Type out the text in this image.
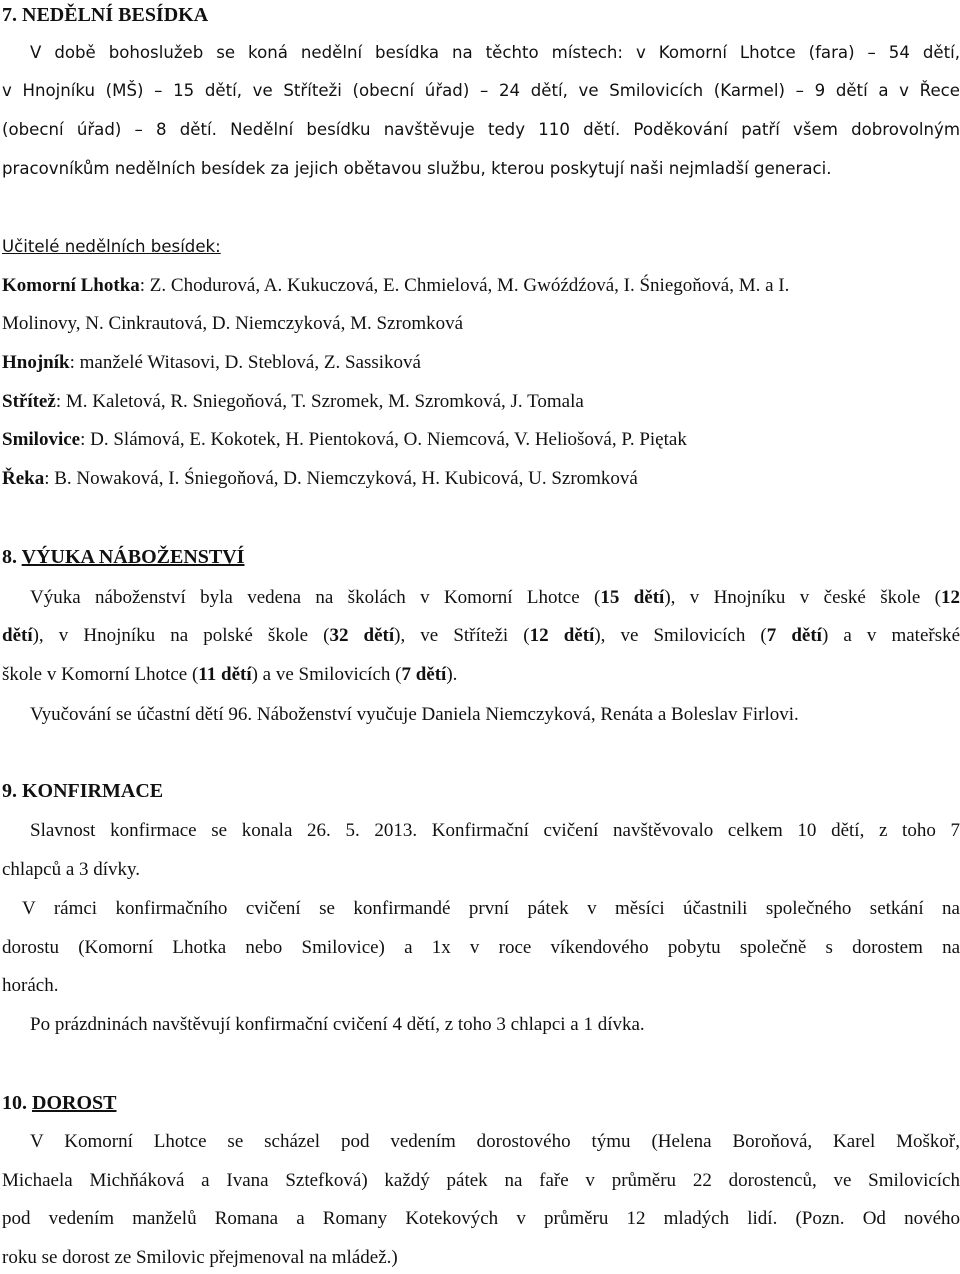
7. NEDĚLNÍ BESÍDKA
V době bohoslužeb se koná nedělní besídka na těchto místech: v Komorní Lhotce (fara) – 54 dětí,
v Hnojníku (MŠ) – 15 dětí, ve Stříteži (obecní úřad) – 24 dětí, ve Smilovicích (Karmel) – 9 dětí a v Řece
(obecní úřad) – 8 dětí. Nedělní besídku navštěvuje tedy 110 dětí. Poděkování patří všem dobrovolným
pracovníkům nedělních besídek za jejich obětavou službu, kterou poskytují naši nejmladší generaci.
Učitelé nedělních besídek:
Komorní Lhotka: Z. Chodurová, A. Kukuczová, E. Chmielová, M. Gwóźdźová, I. Śniegoňová, M. a I.
Molinovy, N. Cinkrautová, D. Niemczyková, M. Szromková
Hnojník: manželé Witasovi, D. Steblová, Z. Sassiková
Střítež: M. Kaletová, R. Sniegoňová, T. Szromek, M. Szromková, J. Tomala
Smilovice: D. Slámová, E. Kokotek, H. Pientoková, O. Niemcová, V. Heliošová, P. Piętak
Řeka: B. Nowaková, I. Śniegoňová, D. Niemczyková, H. Kubicová, U. Szromková
8. VÝUKA NÁBOŽENSTVÍ
Výuka náboženství byla vedena na školách v Komorní Lhotce (15 dětí), v Hnojníku v české škole (12
dětí), v Hnojníku na polské škole (32 dětí), ve Stříteži (12 dětí), ve Smilovicích (7 dětí) a v mateřské
škole v Komorní Lhotce (11 dětí) a ve Smilovicích (7 dětí).
Vyučování se účastní dětí 96. Náboženství vyučuje Daniela Niemczyková, Renáta a Boleslav Firlovi.
9. KONFIRMACE
Slavnost konfirmace se konala 26. 5. 2013. Konfirmační cvičení navštěvovalo celkem 10 dětí, z toho 7
chlapců a 3 dívky.
V rámci konfirmačního cvičení se konfirmandé první pátek v měsíci účastnili společného setkání na
dorostu (Komorní Lhotka nebo Smilovice) a 1x v roce víkendového pobytu společně s dorostem na
horách.
Po prázdninách navštěvují konfirmační cvičení 4 dětí, z toho 3 chlapci a 1 dívka.
10. DOROST
V Komorní Lhotce se scházel pod vedením dorostového týmu (Helena Boroňová, Karel Moškoř,
Michaela Michňáková a Ivana Sztefková) každý pátek na faře v průměru 22 dorostenců, ve Smilovicích
pod vedením manželů Romana a Romany Kotekových v průměru 12 mladých lidí. (Pozn. Od nového
roku se dorost ze Smilovic přejmenoval na mládež.)
